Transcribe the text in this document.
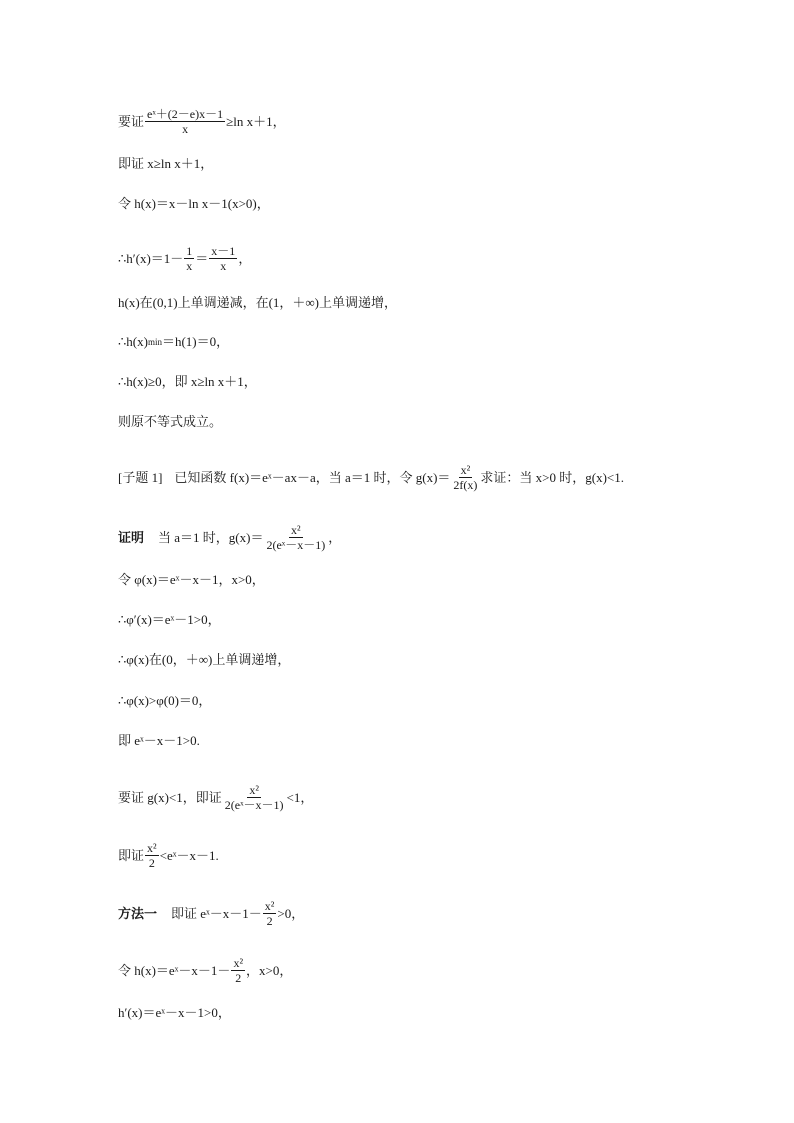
要证 $\frac{\text{eˣ＋(2－e)x－1}}{x} \ge\ln$ x＋1，
即证 x≥ln x＋1，
令 h(x)＝x－ln x－1(x>0)，
∴h′(x)＝1－ $\frac{1}{x} = \frac{x-1}{x}$ ，
h(x)在(0,1)上单调递减，在(1，＋∞)上单调递增，
∴h(x) min ＝h(1)＝0，
∴h(x)≥0，即 x≥ln x＋1，
则原不等式成立。
[子题 1] 已知函数 f(x)＝eˣ－ax－a，当 a＝1 时，令 $g(x)= \frac{\text{x²}}{2f(x)}$ 求证：当 x>0 时，g(x)<1.
证明 当 a＝1 时，$g(x)= \frac{\text{x²}}{\text{2(eˣ－x－1)}}$ ，
令 φ(x)＝eˣ－x－1，x>0，
∴φ′(x)＝eˣ－1>0，
∴φ(x)在(0，＋∞)上单调递增，
∴φ(x)>φ(0)＝0，
即 eˣ－x－1>0.
要证 g(x)<1，即证 $\frac{\text{x²}}{\text{2(eˣ－x－1)}} <1$，
即证 $\frac{\text{x²}}{2}$ <eˣ－x－1.
方法一 即证 eˣ－x－1－ $\frac{\text{x²}}{2} >0$，
令 h(x)＝eˣ－x－1－ $\frac{\text{x²}}{2}$ ，x>0，
h′(x)＝eˣ－x－1>0，
